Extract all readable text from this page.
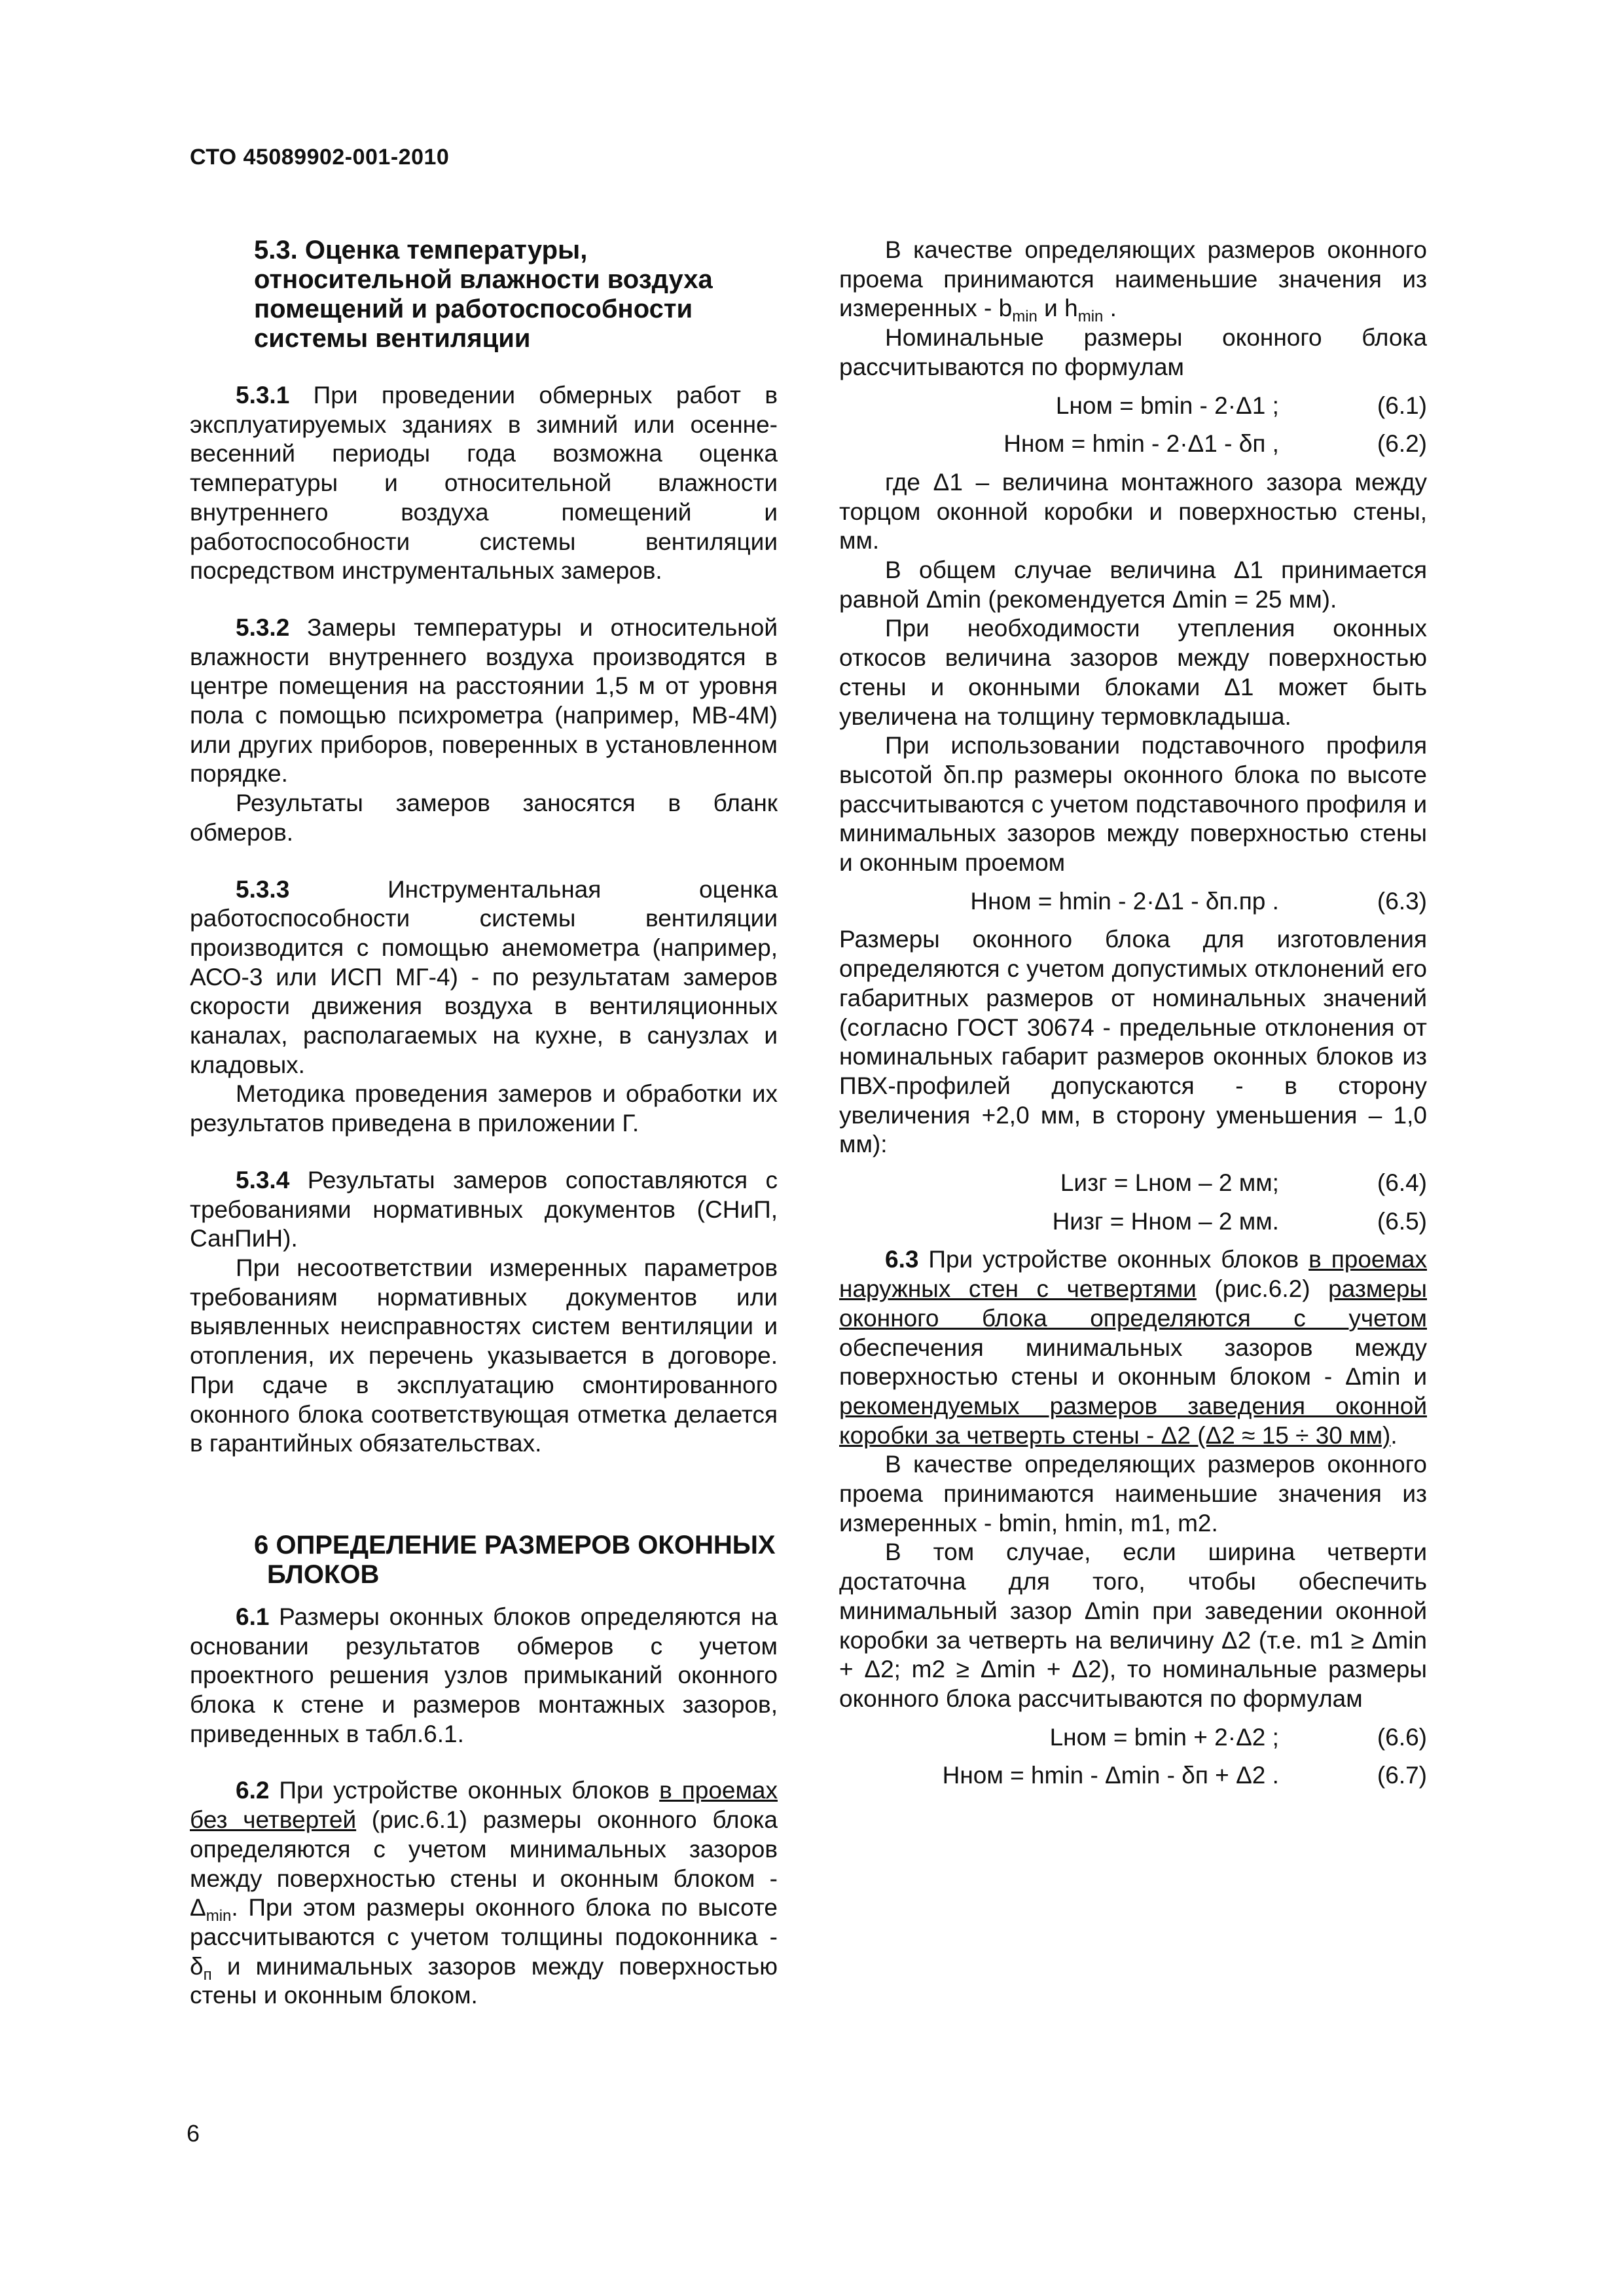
СТО 45089902-001-2010

5.3. Оценка температуры, относительной влажности воздуха помещений и работоспособности системы вентиляции

5.3.1 При проведении обмерных работ в эксплуатируемых зданиях в зимний или осенне-весенний периоды года возможна оценка температуры и относительной влажности внутреннего воздуха помещений и работоспособности системы вентиляции посредством инструментальных замеров.

5.3.2 Замеры температуры и относительной влажности внутреннего воздуха производятся в центре помещения на расстоянии 1,5 м от уровня пола с помощью психрометра (например, МВ-4М) или других приборов, поверенных в установленном порядке.

Результаты замеров заносятся в бланк обмеров.

5.3.3 Инструментальная оценка работоспособности системы вентиляции производится с помощью анемометра (например, АСО-3 или ИСП МГ-4) - по результатам замеров скорости движения воздуха в вентиляционных каналах, располагаемых на кухне, в санузлах и кладовых.

Методика проведения замеров и обработки их результатов приведена в приложении Г.

5.3.4 Результаты замеров сопоставляются с требованиями нормативных документов (СНиП, СанПиН).

При несоответствии измеренных параметров требованиям нормативных документов или выявленных неисправностях систем вентиляции и отопления, их перечень указывается в договоре. При сдаче в эксплуатацию смонтированного оконного блока соответствующая отметка делается в гарантийных обязательствах.

6 ОПРЕДЕЛЕНИЕ РАЗМЕРОВ ОКОННЫХ БЛОКОВ

6.1 Размеры оконных блоков определяются на основании результатов обмеров с учетом проектного решения узлов примыканий оконного блока к стене и размеров монтажных зазоров, приведенных в табл.6.1.

6.2 При устройстве оконных блоков в проемах без четвертей (рис.6.1) размеры оконного блока определяются с учетом минимальных зазоров между поверхностью стены и оконным блоком - $\Delta_{min}$. При этом размеры оконного блока по высоте рассчитываются с учетом толщины подоконника - $\delta_п$ и минимальных зазоров между поверхностью стены и оконным блоком.

В качестве определяющих размеров оконного проема принимаются наименьшие значения из измеренных - $b_{min}$ и $h_{min}$ .

Номинальные размеры оконного блока рассчитываются по формулам

Lном = bmin - 2·Δ1 ;	(6.1)
Hном = hmin - 2·Δ1 - δп ,	(6.2)

где Δ1 – величина монтажного зазора между торцом оконной коробки и поверхностью стены, мм.

В общем случае величина Δ1 принимается равной Δmin (рекомендуется Δmin = 25 мм).

При необходимости утепления оконных откосов величина зазоров между поверхностью стены и оконными блоками Δ1 может быть увеличена на толщину термовкладыша.

При использовании подставочного профиля высотой δп.пр размеры оконного блока по высоте рассчитываются с учетом подставочного профиля и минимальных зазоров между поверхностью стены и оконным проемом

Hном = hmin - 2·Δ1 - δп.пр .	(6.3)

Размеры оконного блока для изготовления определяются с учетом допустимых отклонений его габаритных размеров от номинальных значений (согласно ГОСТ 30674 - предельные отклонения от номинальных габарит размеров оконных блоков из ПВХ-профилей допускаются - в сторону увеличения +2,0 мм, в сторону уменьшения – 1,0 мм):

Lизг = Lном – 2 мм;	(6.4)
Hизг = Hном – 2 мм.	(6.5)

6.3 При устройстве оконных блоков в проемах наружных стен с четвертями (рис.6.2) размеры оконного блока определяются с учетом обеспечения минимальных зазоров между поверхностью стены и оконным блоком - Δmin и рекомендуемых размеров заведения оконной коробки за четверть стены - Δ2 (Δ2 ≈ 15 ÷ 30 мм).

В качестве определяющих размеров оконного проема принимаются наименьшие значения из измеренных - bmin, hmin, m1, m2.

В том случае, если ширина четверти достаточна для того, чтобы обеспечить минимальный зазор Δmin при заведении оконной коробки за четверть на величину Δ2 (т.е. m1 ≥ Δmin + Δ2; m2 ≥ Δmin + Δ2), то номинальные размеры оконного блока рассчитываются по формулам

Lном = bmin + 2·Δ2 ;	(6.6)
Hном = hmin - Δmin - δп + Δ2 .	(6.7)
6
